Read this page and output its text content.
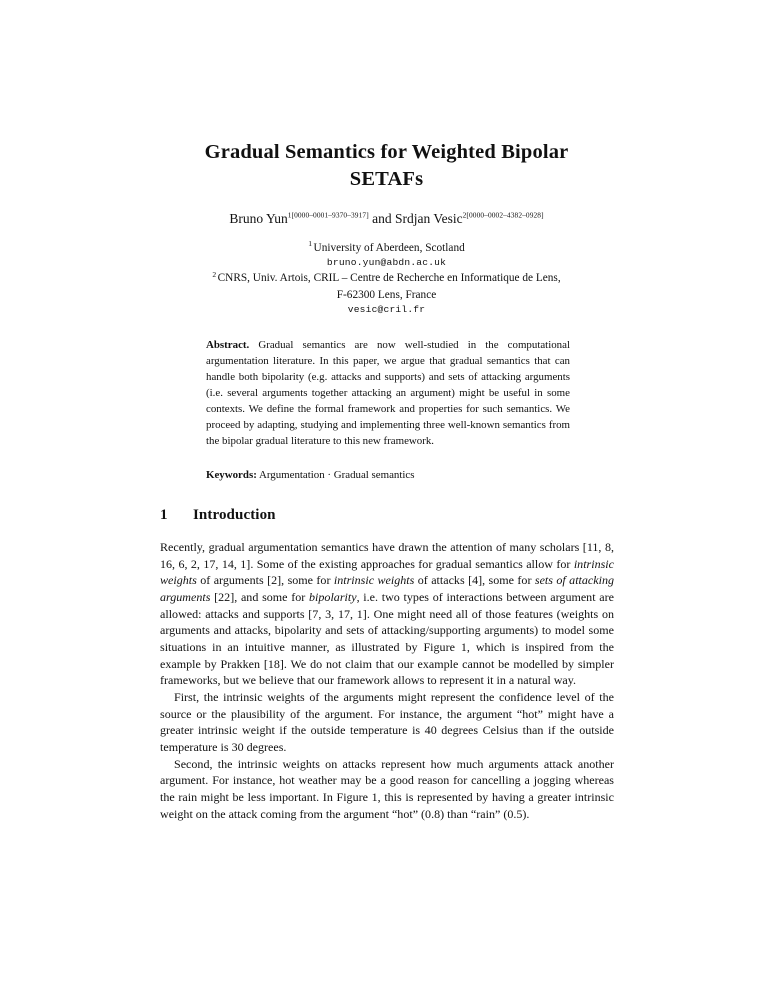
Gradual Semantics for Weighted Bipolar
SETAFs
Bruno Yun$^{1[0000-0001-9370-3917]}$ and Srdjan Vesic$^{2[0000-0002-4382-0928]}$
$^1$ University of Aberdeen, Scotland
bruno.yun@abdn.ac.uk
$^2$ CNRS, Univ. Artois, CRIL – Centre de Recherche en Informatique de Lens,
F-62300 Lens, France
vesic@cril.fr
Abstract. Gradual semantics are now well-studied in the computational argumentation literature. In this paper, we argue that gradual semantics that can handle both bipolarity (e.g. attacks and supports) and sets of attacking arguments (i.e. several arguments together attacking an argument) might be useful in some contexts. We define the formal framework and properties for such semantics. We proceed by adapting, studying and implementing three well-known semantics from the bipolar gradual literature to this new framework.
Keywords: Argumentation · Gradual semantics
1 Introduction

Recently, gradual argumentation semantics have drawn the attention of many scholars [11, 8, 16, 6, 2, 17, 14, 1]. Some of the existing approaches for gradual semantics allow for intrinsic weights of arguments [2], some for intrinsic weights of attacks [4], some for sets of attacking arguments [22], and some for bipolarity, i.e. two types of interactions between argument are allowed: attacks and supports [7, 3, 17, 1]. One might need all of those features (weights on arguments and attacks, bipolarity and sets of attacking/supporting arguments) to model some situations in an intuitive manner, as illustrated by Figure 1, which is inspired from the example by Prakken [18]. We do not claim that our example cannot be modelled by simpler frameworks, but we believe that our framework allows to represent it in a natural way.

First, the intrinsic weights of the arguments might represent the confidence level of the source or the plausibility of the argument. For instance, the argument “hot” might have a greater intrinsic weight if the outside temperature is 40 degrees Celsius than if the outside temperature is 30 degrees.

Second, the intrinsic weights on attacks represent how much arguments attack another argument. For instance, hot weather may be a good reason for cancelling a jogging whereas the rain might be less important. In Figure 1, this is represented by having a greater intrinsic weight on the attack coming from the argument “hot” (0.8) than “rain” (0.5).
